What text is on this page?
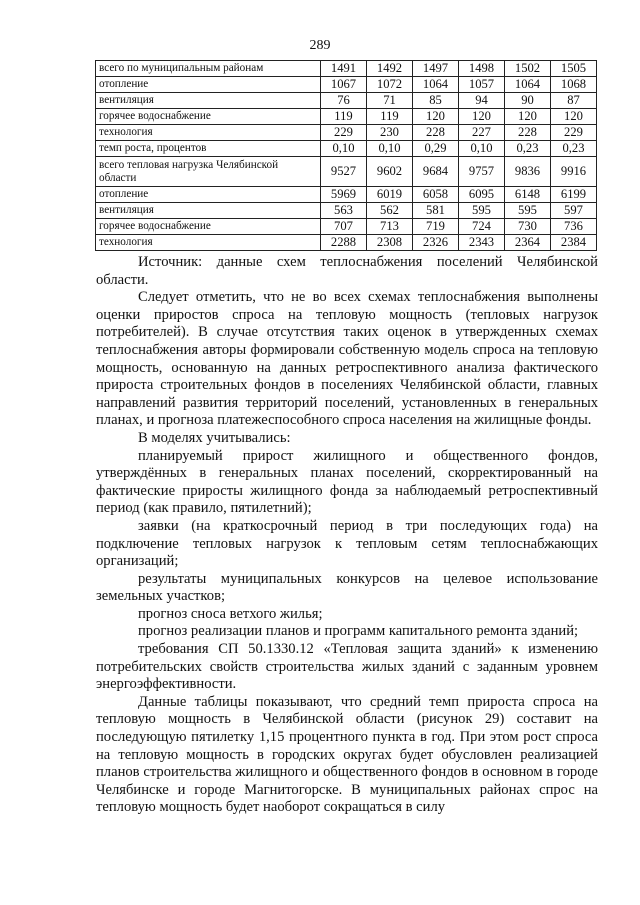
289
всего по муниципальным районам	1491	1492	1497	1498	1502	1505
отопление	1067	1072	1064	1057	1064	1068
вентиляция	76	71	85	94	90	87
горячее водоснабжение	119	119	120	120	120	120
технология	229	230	228	227	228	229
темп роста, процентов	0,10	0,10	0,29	0,10	0,23	0,23
всего тепловая нагрузка Челябинской области	9527	9602	9684	9757	9836	9916
отопление	5969	6019	6058	6095	6148	6199
вентиляция	563	562	581	595	595	597
горячее водоснабжение	707	713	719	724	730	736
технология	2288	2308	2326	2343	2364	2384

Источник: данные схем теплоснабжения поселений Челябинской области.

Следует отметить, что не во всех схемах теплоснабжения выполнены оценки приростов спроса на тепловую мощность (тепловых нагрузок потребителей). В случае отсутствия таких оценок в утвержденных схемах теплоснабжения авторы формировали собственную модель спроса на тепловую мощность, основанную на данных ретроспективного анализа фактического прироста строительных фондов в поселениях Челябинской области, главных направлений развития территорий поселений, установленных в генеральных планах, и прогноза платежеспособного спроса населения на жилищные фонды.

В моделях учитывались:

планируемый прирост жилищного и общественного фондов, утверждённых в генеральных планах поселений, скорректированный на фактические приросты жилищного фонда за наблюдаемый ретроспективный период (как правило, пятилетний);

заявки (на краткосрочный период в три последующих года) на подключение тепловых нагрузок к тепловым сетям теплоснабжающих организаций;

результаты муниципальных конкурсов на целевое использование земельных участков;

прогноз сноса ветхого жилья;

прогноз реализации планов и программ капитального ремонта зданий;

требования СП 50.1330.12 «Тепловая защита зданий» к изменению потребительских свойств строительства жилых зданий с заданным уровнем энергоэффективности.

Данные таблицы показывают, что средний темп прироста спроса на тепловую мощность в Челябинской области (рисунок 29) составит на последующую пятилетку 1,15 процентного пункта в год. При этом рост спроса на тепловую мощность в городских округах будет обусловлен реализацией планов строительства жилищного и общественного фондов в основном в городе Челябинске и городе Магнитогорске. В муниципальных районах спрос на тепловую мощность будет наоборот сокращаться в силу
